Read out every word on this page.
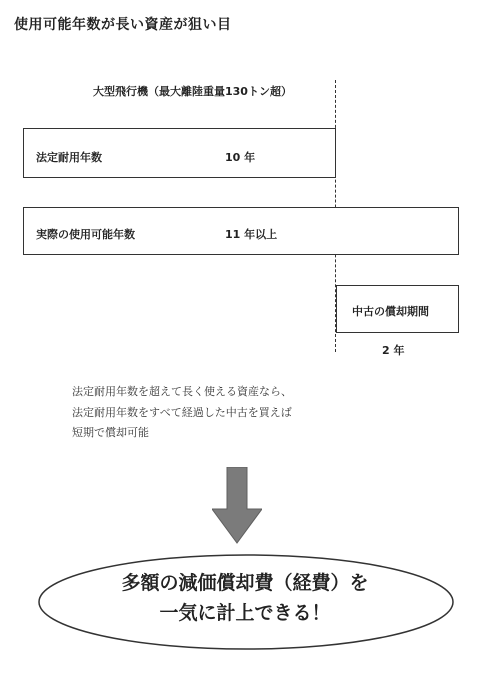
使用可能年数が長い資産が狙い目
大型飛行機（最大離陸重量130トン超）
法定耐用年数	10 年
実際の使用可能年数	11 年以上
中古の償却期間
2 年
法定耐用年数を超えて長く使える資産なら、
法定耐用年数をすべて経過した中古を買えば
短期で償却可能
多額の減価償却費（経費）を
一気に計上できる！
